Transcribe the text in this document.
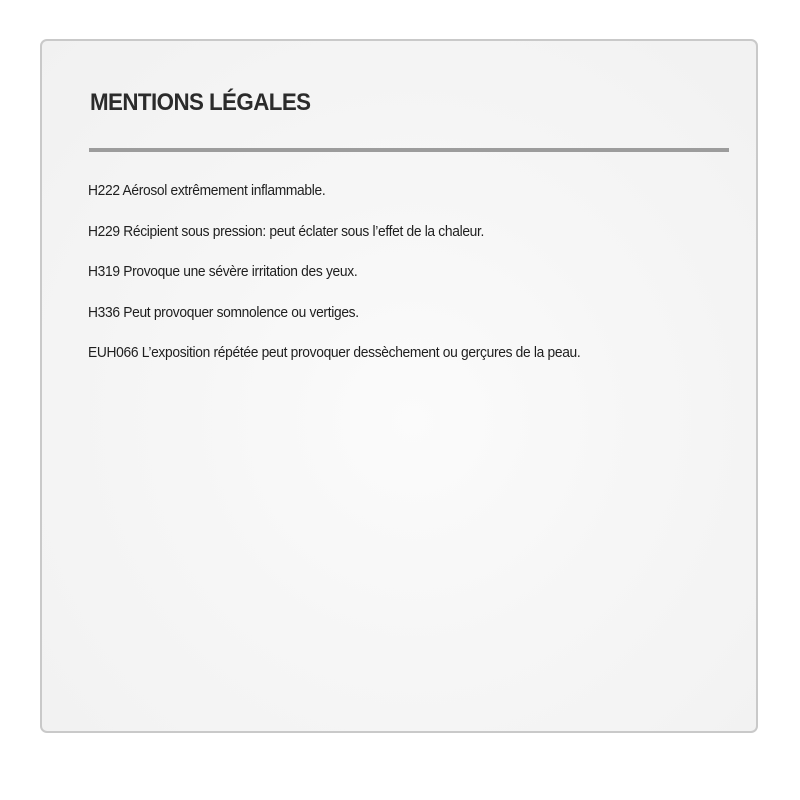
MENTIONS LÉGALES
H222 Aérosol extrêmement inflammable.
H229 Récipient sous pression: peut éclater sous l’effet de la chaleur.
H319 Provoque une sévère irritation des yeux.
H336 Peut provoquer somnolence ou vertiges.
EUH066 L’exposition répétée peut provoquer dessèchement ou gerçures de la peau.
